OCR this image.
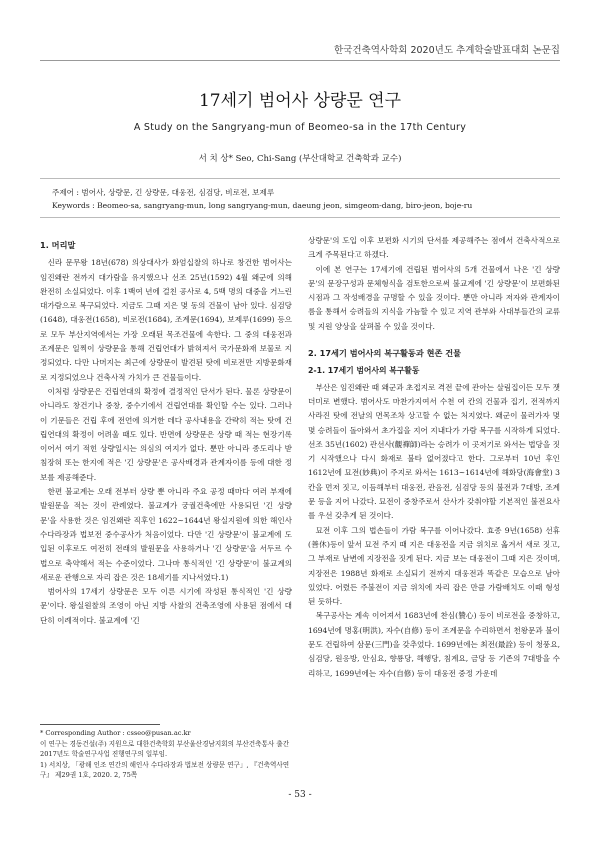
한국건축역사학회 2020년도 추계학술발표대회 논문집
17세기 범어사 상량문 연구
A Study on the Sangryang-mun of Beomeo-sa in the 17th Century
서 치 상* Seo, Chi-Sang (부산대학교 건축학과 교수)
주제어 : 범어사, 상량문, 긴 상량문, 대웅전, 심검당, 비로전, 보제루
Keywords : Beomeo-sa, sangryang-mun, long sangryang-mun, daeung jeon, simgeom-dang, biro-jeon, boje-ru
1. 머리말

신라 문무왕 18년(678) 의상대사가 화엄십찰의 하나로 창건한 범어사는 임진왜란 전까지 대가람을 유지했으나 선조 25년(1592) 4월 왜군에 의해 완전히 소실되었다. 이후 1백여 년에 걸친 공사로 4, 5백 명의 대중을 거느린 대가람으로 복구되었다. 지금도 그때 지은 몇 동의 건물이 남아 있다. 심검당(1648), 대웅전(1658), 비로전(1684), 조계문(1694), 보제루(1699) 등으로 모두 부산지역에서는 가장 오래된 목조건물에 속한다. 그 중의 대웅전과 조계문은 일찍이 상량문을 통해 건립연대가 밝혀져서 국가문화재 보물로 지정되었다. 다만 나머지는 최근에 상량문이 발견된 탓에 비로전만 지방문화재로 지정되었으나 건축사적 가치가 큰 건물들이다.

이처럼 상량문은 건립연대의 확정에 결정적인 단서가 된다. 물론 상량문이 아니라도 창건기나 중창, 중수기에서 건립연대를 확인할 수는 있다. 그러나 이 기문들은 건립 후에 전언에 의거한 데다 공사내용을 간략히 적는 탓에 건립연대의 확정이 어려울 때도 있다. 반면에 상량문은 상량 때 적는 현장기록이어서 여기 적힌 상량일시는 의심의 여지가 없다. 뿐만 아니라 종도리나 받침장혀 또는 한지에 적은 '긴 상량문'은 공사배경과 관계자이름 등에 대한 정보를 제공해준다.

한편 불교계는 오래 전부터 상량 뿐 아니라 주요 공정 때마다 여러 부재에 발원문을 적는 것이 관례였다. 불교계가 궁궐건축에만 사용되던 '긴 상량문'을 사용한 것은 임진왜란 직후인 1622~1644년 왕실지원에 의한 해인사 수다라장과 법보전 중수공사가 처음이었다. 다만 '긴 상량문'이 불교계에 도입된 이후로도 여전히 전래의 발원문을 사용하거나 '긴 상량문'을 서두르 수법으로 축약해서 적는 수준이었다. 그나마 통식적인 '긴 상량문'이 불교계의 새로운 관행으로 자리 잡은 것은 18세기를 지나서였다.1)

범어사의 17세기 상량문은 모두 이른 시기에 작성된 통식적인 '긴 상량문'이다. 왕실원찰의 조영이 아닌 지방 사찰의 건축조영에 사용된 점에서 대단히 이례적이다. 불교계에 '긴

상량문'의 도입 이후 보편화 시기의 단서를 제공해주는 점에서 건축사적으로 크게 주목된다고 하겠다.

이에 본 연구는 17세기에 건립된 범어사의 5개 건물에서 나온 '긴 상량문'의 문장구성과 문체형식을 검토한으로써 불교계에 '긴 상량문'이 보편화된 시점과 그 작성배경을 규명할 수 있을 것이다. 뿐만 아니라 저자와 관계자이름을 통해서 승려들의 지식을 가늠할 수 있고 지역 관부와 사대부들간의 교류 및 지원 양상을 살펴볼 수 있을 것이다.

2. 17세기 범어사의 복구활동과 현존 건물
2-1. 17세기 범어사의 복구활동

부산은 임진왜란 때 왜군과 초접지로 격전 끝에 관아는 살림집이든 모두 잿더미로 변했다. 범어사도 마찬가지여서 수천 여 칸의 건물과 집기, 전적까지 사라진 탓에 전날의 면목조차 상고할 수 없는 처지였다. 왜군이 물러가자 몇 몇 승려들이 돌아와서 초가집을 지어 지내다가 가람 복구를 시작하게 되었다. 선조 35년(1602) 관선사(觀禪師)라는 승려가 이 곳저기로 와서는 법당을 짓기 시작했으나 다시 화재로 불타 없어졌다고 한다. 그로부터 10년 후인 1612년에 묘전(妙典)이 주지로 와서는 1613~1614년에 해화당(海會堂) 3칸을 먼저 짓고, 이듬해부터 대웅전, 관음전, 심검당 등의 불전과 7대방, 조계문 등을 지어 나갔다. 묘전이 중창주로서 산사가 갖춰야할 기본적인 불전요사를 우선 갖추게 된 것이다.

묘전 이후 그의 법손들이 가람 복구를 이어나갔다. 효종 9년(1658) 선휴(善休)등이 앞서 묘전 주지 때 지은 대웅전을 지금 위치로 옮겨서 새로 짓고, 그 부재로 남변에 지장전을 짓게 된다. 지금 보는 대웅전이 그때 지은 것이며, 지장전은 1988년 화재로 소실되기 전까지 대웅전과 똑같은 모습으로 남아 있었다. 어렸든 주불전이 지금 위치에 자리 잡은 만큼 가람배치도 이때 형성된 듯하다.

복구공사는 계속 이어져서 1683년에 찬심(贊心) 등이 비로전을 중창하고, 1694년에 명홍(明洪), 자수(自修) 등이 조계문을 수리하면서 천왕문과 불이문도 건립하여 삼문(三門)을 갖추었다. 1699년에는 최전(最詮) 등이 청풍요, 심검당, 원응방, 안심요, 향룡당, 해행당, 침계요, 금당 등 기존의 7대방을 수리하고, 1699년에는 자수(自修) 등이 대웅전 중정 가운데

* Corresponding Author : csseo@pusan.ac.kr
이 연구는 경동건설(주) 지원으로 대한건축학회 부산울산경남지회의 부산건축통사 출간 2017년도 학술연구사업 진행연구의 일부임.
1) 서치상, 「광해 인조 연간의 해인사 수다라장과 법보전 상량문 연구」, 『건축역사연구』 제29권 1호, 2020. 2, 75쪽
- 53 -
